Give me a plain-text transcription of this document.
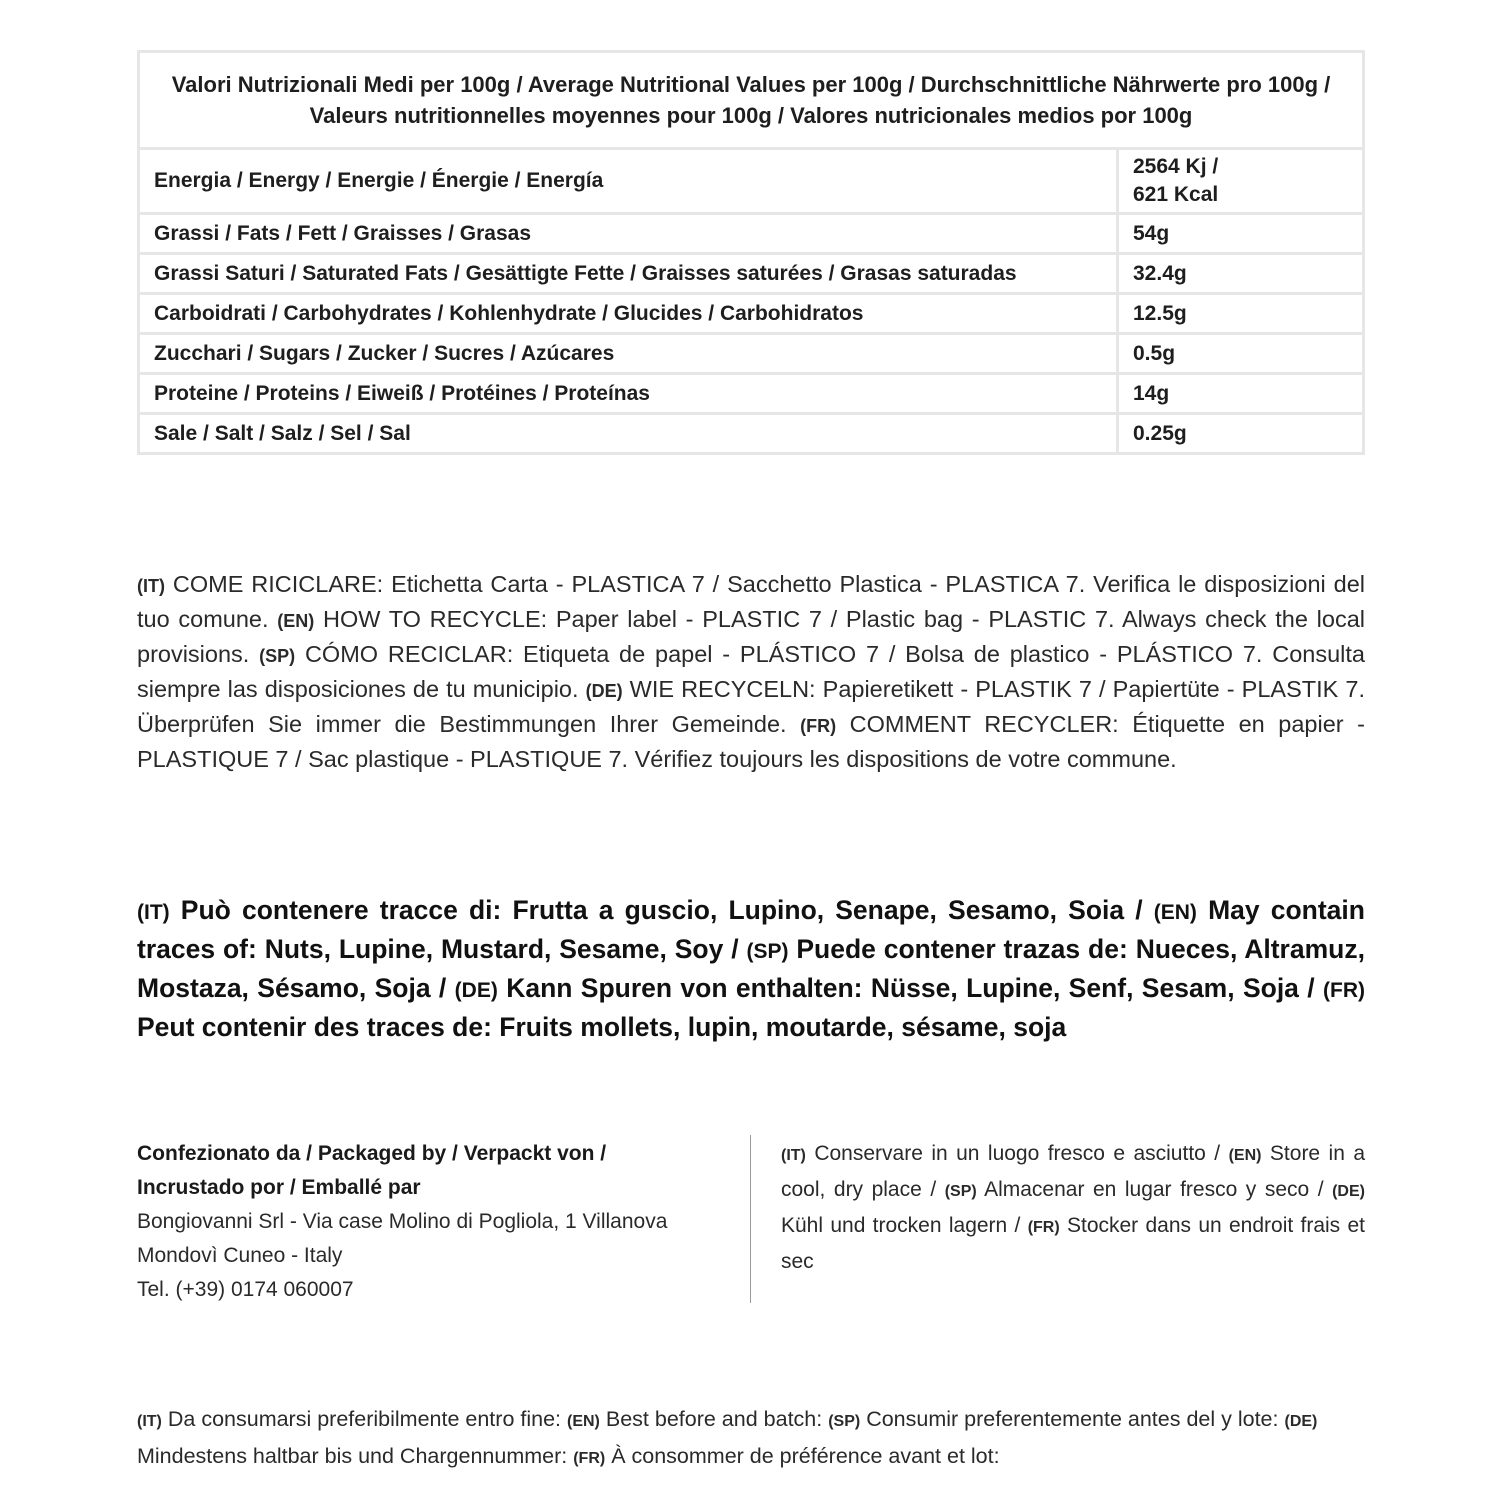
Valori Nutrizionali Medi per 100g / Average Nutritional Values per 100g / Durchschnittliche Nährwerte pro 100g / Valeurs nutritionnelles moyennes pour 100g / Valores nutricionales medios por 100g	
Energia / Energy / Energie / Énergie / Energía	2564 Kj /
621 Kcal

Grassi / Fats / Fett / Graisses / Grasas	54g
Grassi Saturi / Saturated Fats / Gesättigte Fette / Graisses saturées / Grasas saturadas	32.4g
Carboidrati / Carbohydrates / Kohlenhydrate / Glucides / Carbohidratos	12.5g
Zucchari / Sugars / Zucker / Sucres / Azúcares	0.5g
Proteine / Proteins / Eiweiß / Protéines / Proteínas	14g
Sale / Salt / Salz / Sel / Sal	0.25g
(IT) COME RICICLARE: Etichetta Carta - PLASTICA 7 / Sacchetto Plastica - PLASTICA 7. Verifica le disposizioni del tuo comune. (EN) HOW TO RECYCLE: Paper label - PLASTIC 7 / Plastic bag - PLASTIC 7. Always check the local provisions. (SP) CÓMO RECICLAR: Etiqueta de papel - PLÁSTICO 7 / Bolsa de plastico - PLÁSTICO 7. Consulta siempre las disposiciones de tu municipio. (DE) WIE RECYCELN: Papieretikett - PLASTIK 7 / Papiertüte - PLASTIK 7. Überprüfen Sie immer die Bestimmungen Ihrer Gemeinde. (FR) COMMENT RECYCLER: Étiquette en papier - PLASTIQUE 7 / Sac plastique - PLASTIQUE 7. Vérifiez toujours les dispositions de votre commune.
(IT) Può contenere tracce di: Frutta a guscio, Lupino, Senape, Sesamo, Soia / (EN) May contain traces of: Nuts, Lupine, Mustard, Sesame, Soy / (SP) Puede contener trazas de: Nueces, Altramuz, Mostaza, Sésamo, Soja / (DE) Kann Spuren von enthalten: Nüsse, Lupine, Senf, Sesam, Soja / (FR) Peut contenir des traces de: Fruits mollets, lupin, moutarde, sésame, soja
Confezionato da / Packaged by / Verpackt von /
Incrustado por / Emballé par
Bongiovanni Srl - Via case Molino di Pogliola, 1 Villanova
Mondovì Cuneo - Italy
Tel. (+39) 0174 060007
(IT) Conservare in un luogo fresco e asciutto / (EN) Store in a cool, dry place / (SP) Almacenar en lugar fresco y seco / (DE) Kühl und trocken lagern / (FR) Stocker dans un endroit frais et sec
(IT) Da consumarsi preferibilmente entro fine: (EN) Best before and batch: (SP) Consumir preferentemente antes del y lote: (DE) Mindestens haltbar bis und Chargennummer: (FR) À consommer de préférence avant et lot:
